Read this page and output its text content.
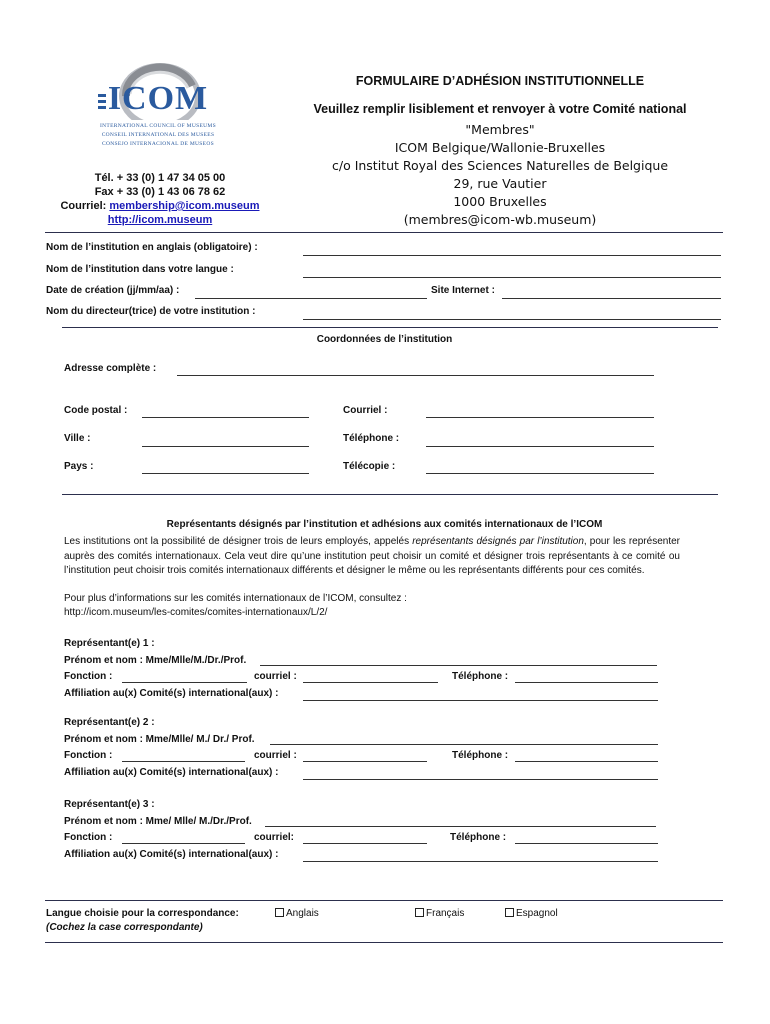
ICOM
INTERNATIONAL COUNCIL OF MUSEUMS
CONSEIL INTERNATIONAL DES MUSEES
CONSEJO INTERNACIONAL DE MUSEOS
Tél. + 33 (0) 1 47 34 05 00
Fax + 33 (0) 1 43 06 78 62
Courriel: membership@icom.museum
http://icom.museum
FORMULAIRE D’ADHÉSION INSTITUTIONNELLE
Veuillez remplir lisiblement et renvoyer à votre Comité national
"Membres"
ICOM Belgique/Wallonie-Bruxelles
c/o Institut Royal des Sciences Naturelles de Belgique
29, rue Vautier
1000 Bruxelles
(membres@icom-wb.museum)
Nom de l’institution en anglais (obligatoire) :
Nom de l’institution dans votre langue :
Date de création (jj/mm/aa) :	Site Internet :
Nom du directeur(trice) de votre institution :
Coordonnées de l’institution
Adresse complète :
Code postal :	Courriel :
Ville :	Téléphone :
Pays :	Télécopie :
Représentants désignés par l’institution et adhésions aux comités internationaux de l’ICOM
Les institutions ont la possibilité de désigner trois de leurs employés, appelés représentants désignés par l’institution, pour les représenter auprès des comités internationaux. Cela veut dire qu’une institution peut choisir un comité et désigner trois représentants à ce comité ou l’institution peut choisir trois comités internationaux différents et désigner le même ou les représentants différents pour ces comités.
Pour plus d’informations sur les comités internationaux de l’ICOM, consultez :
http://icom.museum/les-comites/comites-internationaux/L/2/
Représentant(e) 1 :
Prénom et nom : Mme/Mlle/M./Dr./Prof.
Fonction :	courriel :	Téléphone :
Affiliation au(x) Comité(s) international(aux) :
Représentant(e) 2 :
Prénom et nom : Mme/Mlle/ M./ Dr./ Prof.
Fonction :	courriel :	Téléphone :
Affiliation au(x) Comité(s) international(aux) :
Représentant(e) 3 :
Prénom et nom : Mme/ Mlle/ M./Dr./Prof.
Fonction :	courriel:	Téléphone :
Affiliation au(x) Comité(s) international(aux) :
Langue choisie pour la correspondance:
(Cochez la case correspondante)
Anglais	Français	Espagnol
